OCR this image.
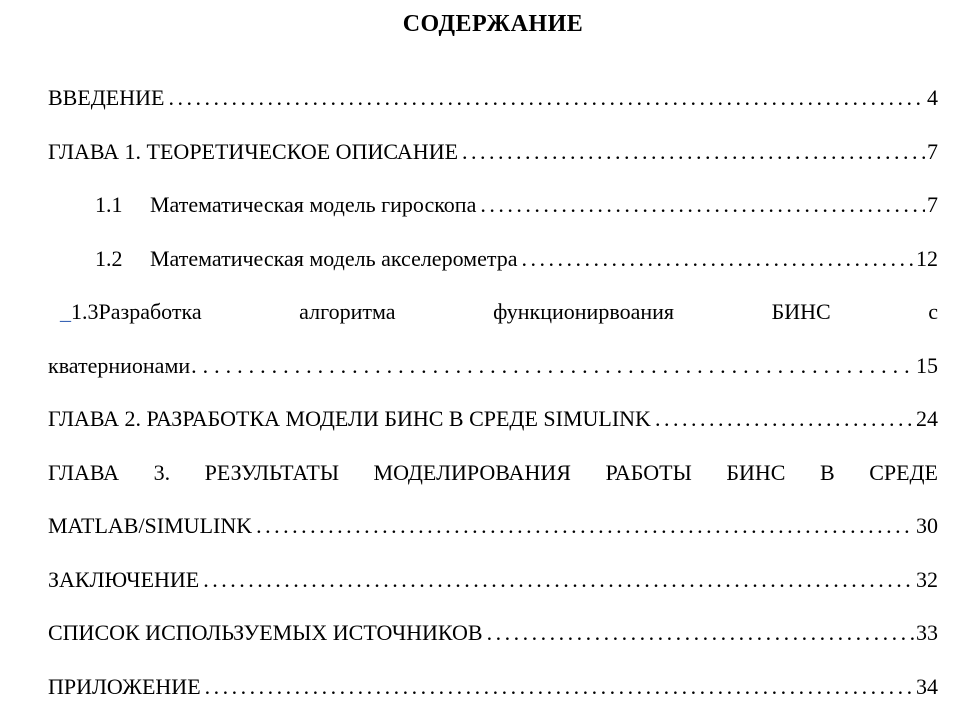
СОДЕРЖАНИЕ
ВВЕДЕНИЕ .....	4
ГЛАВА 1. ТЕОРЕТИЧЕСКОЕ ОПИСАНИЕ .....	7
1.1	Математическая модель гироскопа .....	7
1.2	Математическая модель акселерометра .....	12
_1.3Разработка алгоритма функционирвоания БИНС с
кватернионами .....	15
ГЛАВА 2. РАЗРАБОТКА МОДЕЛИ БИНС В СРЕДЕ SIMULINK .....	24
ГЛАВА 3. РЕЗУЛЬТАТЫ МОДЕЛИРОВАНИЯ РАБОТЫ БИНС В СРЕДЕ
MATLAB/SIMULINK .....	30
ЗАКЛЮЧЕНИЕ .....	32
СПИСОК ИСПОЛЬЗУЕМЫХ ИСТОЧНИКОВ .....	33
ПРИЛОЖЕНИЕ .....	34
